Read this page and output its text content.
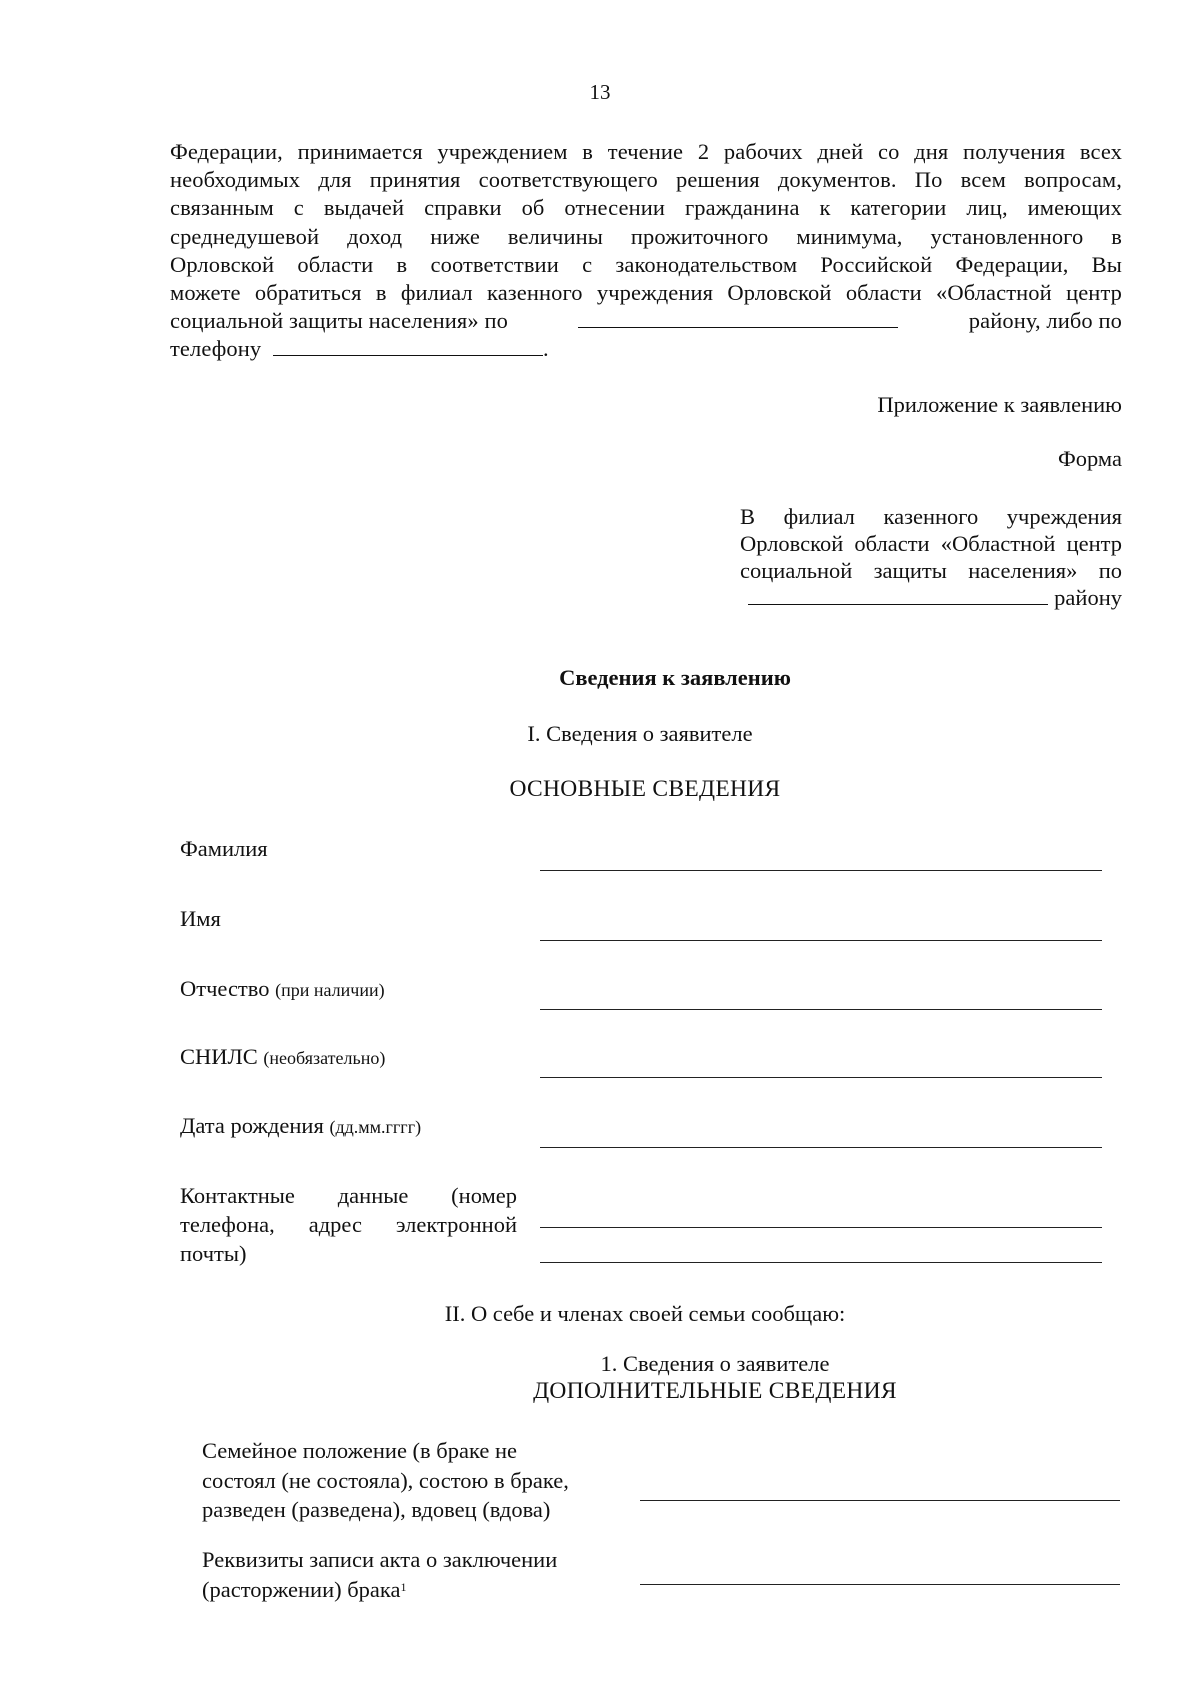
13
Федерации, принимается учреждением в течение 2 рабочих дней со дня получения всех
необходимых для принятия соответствующего решения документов. По всем вопросам,
связанным с выдачей справки об отнесении гражданина к категории лиц, имеющих
среднедушевой доход ниже величины прожиточного минимума, установленного в
Орловской области в соответствии с законодательством Российской Федерации, Вы
можете обратиться в филиал казенного учреждения Орловской области «Областной центр
социальной защиты населения» по	району, либо по
телефону	.
Приложение к заявлению
Форма
В филиал казенного учреждения
Орловской области «Областной центр
социальной защиты населения» по
району
Сведения к заявлению
I. Сведения о заявителе
ОСНОВНЫЕ СВЕДЕНИЯ
Фамилия
Имя
Отчество (при наличии)
СНИЛС (необязательно)
Дата рождения (дд.мм.гггг)
Контактные данные (номер
телефона, адрес электронной
почты)
II. О себе и членах своей семьи сообщаю:
1. Сведения о заявителе
ДОПОЛНИТЕЛЬНЫЕ СВЕДЕНИЯ
Семейное положение (в браке не
состоял (не состояла), состою в браке,
разведен (разведена), вдовец (вдова)
Реквизиты записи акта о заключении
(расторжении) брака$^1$
